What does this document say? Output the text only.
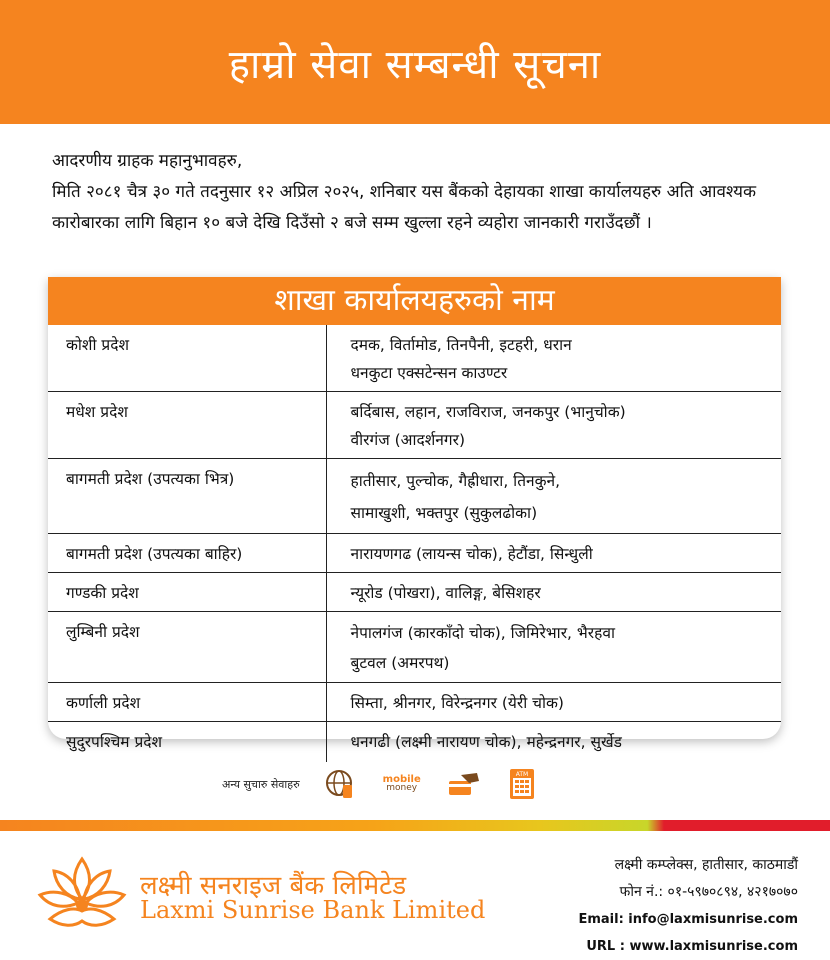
हाम्रो सेवा सम्बन्धी सूचना

आदरणीय ग्राहक महानुभावहरु,

मिति २०८१ चैत्र ३० गते तदनुसार १२ अप्रिल २०२५, शनिबार यस बैंकको देहायका शाखा कार्यालयहरु अति आवश्यक कारोबारका लागि बिहान १० बजे देखि दिउँसो २ बजे सम्म खुल्ला रहने व्यहोरा जानकारी गराउँदछौं ।

शाखा कार्यालयहरुको नाम
कोशी प्रदेश	दमक, विर्तामोड, तिनपैनी, इटहरी, धरान
धनकुटा एक्सटेन्सन काउण्टर

मधेश प्रदेश	बर्दिबास, लहान, राजविराज, जनकपुर (भानुचोक)
वीरगंज (आदर्शनगर)

बागमती प्रदेश (उपत्यका भित्र)	हातीसार, पुल्चोक, गैह्रीधारा, तिनकुने,
सामाखुशी, भक्तपुर (सुकुलढोका)

बागमती प्रदेश (उपत्यका बाहिर)	नारायणगढ (लायन्स चोक), हेटौंडा, सिन्धुली
गण्डकी प्रदेश	न्यूरोड (पोखरा), वालिङ्ग, बेसिशहर
लुम्बिनी प्रदेश	नेपालगंज (कारकाँदो चोक), जिमिरेभार, भैरहवा
बुटवल (अमरपथ)

कर्णाली प्रदेश	सिम्ता, श्रीनगर, विरेन्द्रनगर (येरी चोक)
सुदुरपश्चिम प्रदेश	धनगढी (लक्ष्मी नारायण चोक), महेन्द्रनगर, सुर्खेड
अन्य सुचारु सेवाहरु	mobile
money
ATM
लक्ष्मी सनराइज बैंक लिमिटेड
Laxmi Sunrise Bank Limited
लक्ष्मी कम्प्लेक्स, हातीसार, काठमाडौं
फोन नं.: ०१-५९७०८९४, ४२१७०७०
Email: info@laxmisunrise.com
URL : www.laxmisunrise.com
